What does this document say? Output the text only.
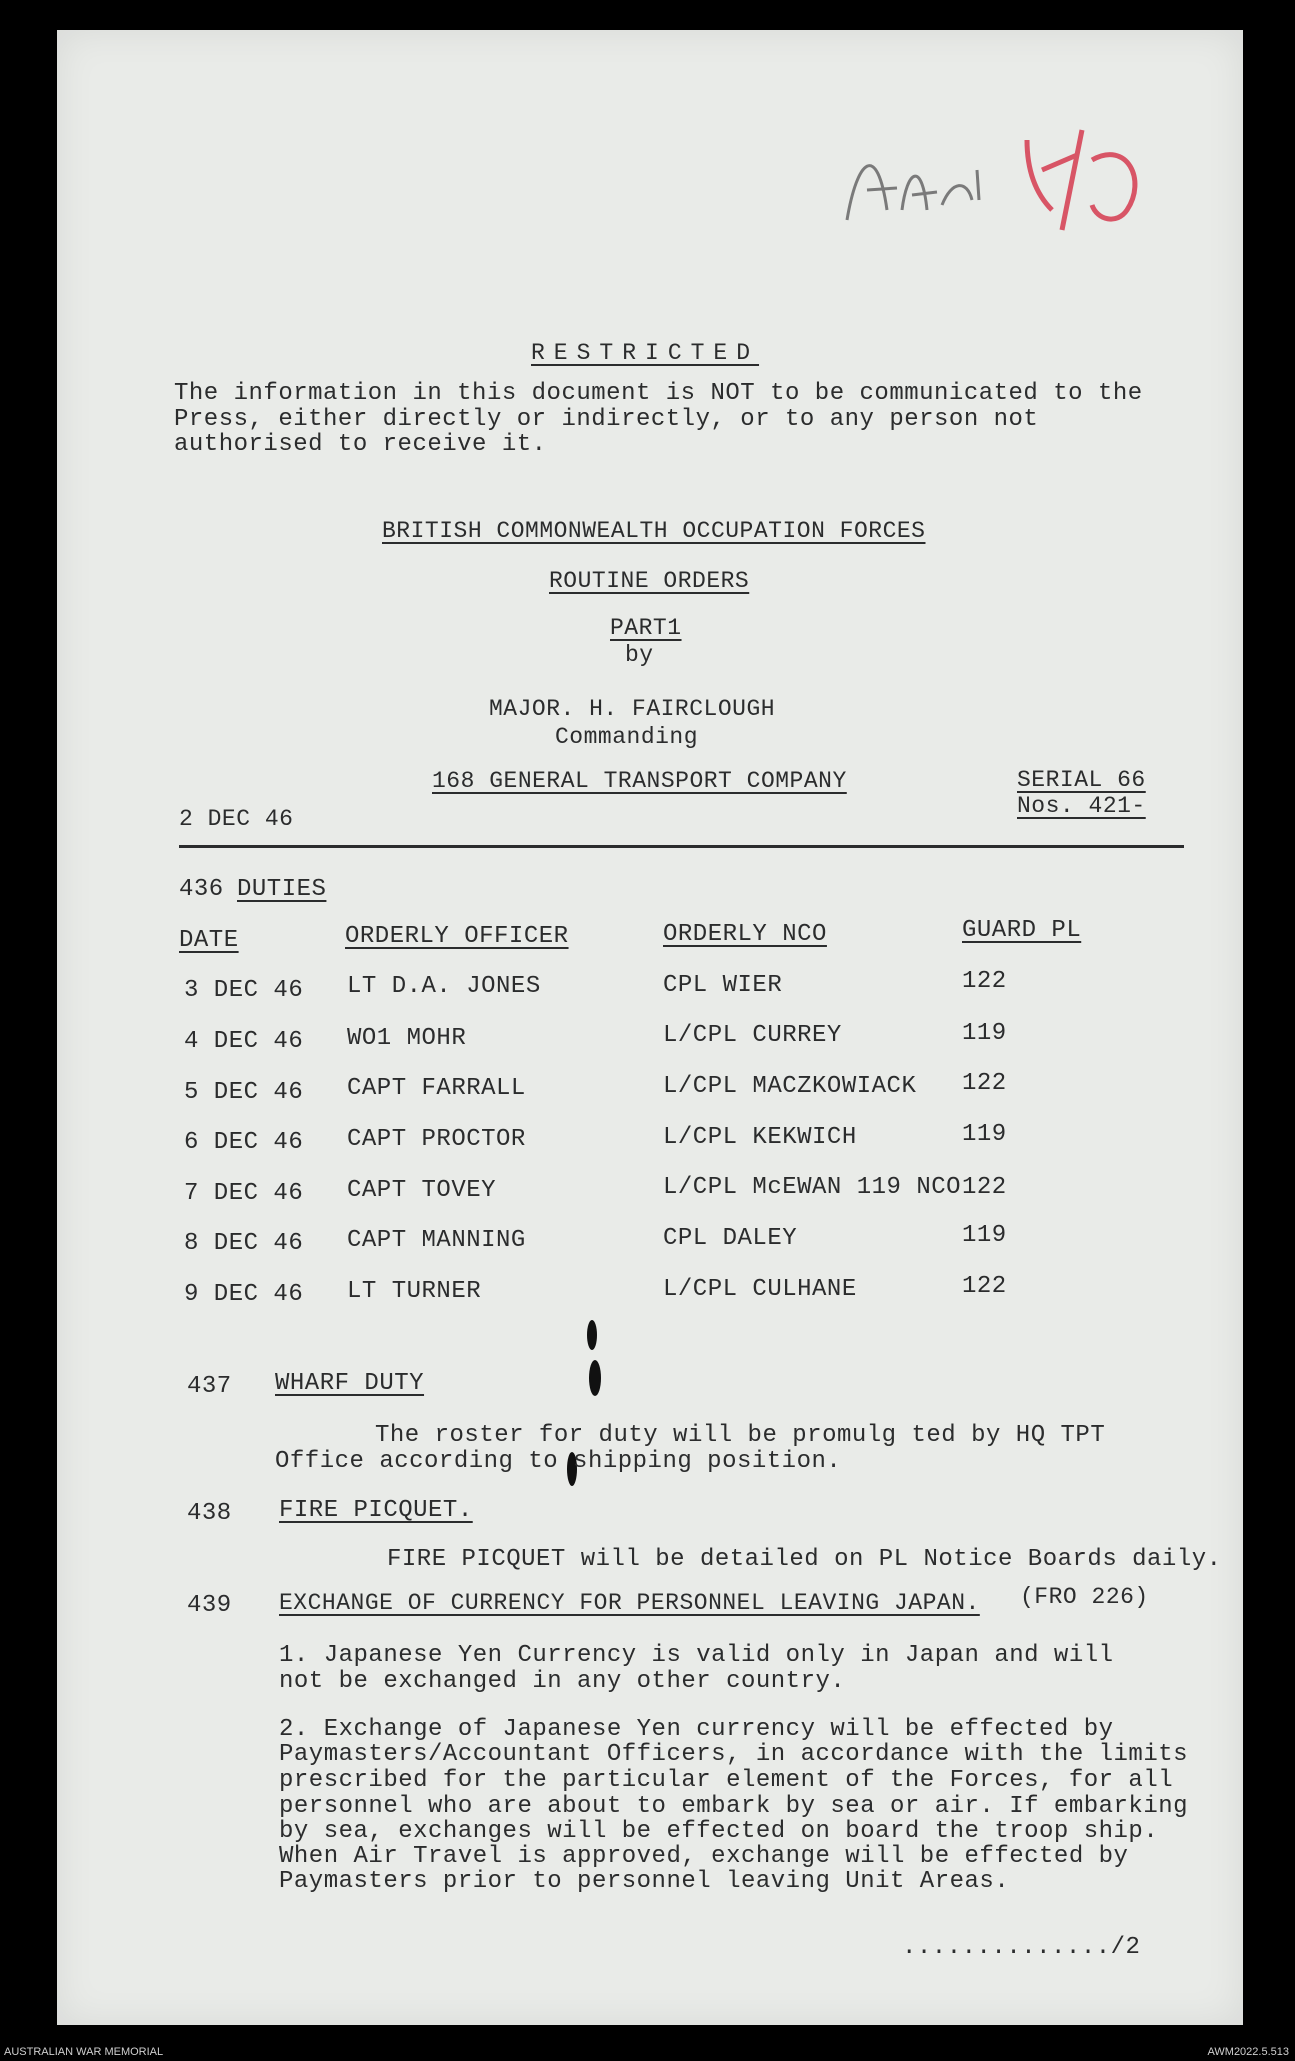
RESTRICTED
The information in this document is NOT to be communicated to the
Press, either directly or indirectly, or to any person not
authorised to receive it.
BRITISH COMMONWEALTH OCCUPATION FORCES
ROUTINE ORDERS
PART1
by
MAJOR. H. FAIRCLOUGH
Commanding
168 GENERAL TRANSPORT COMPANY	SERIAL 66
Nos. 421-
2 DEC 46
436 DUTIES
DATE	ORDERLY OFFICER	ORDERLY NCO	GUARD PL
3 DEC 46 LT D.A. JONES	CPL WIER	122
4 DEC 46 WO1 MOHR	L/CPL CURREY	119
5 DEC 46 CAPT FARRALL	L/CPL MACZKOWIACK 122
6 DEC 46 CAPT PROCTOR	L/CPL KEKWICH	119
7 DEC 46 CAPT TOVEY	L/CPL McEWAN 119 NCO 122
8 DEC 46 CAPT MANNING	CPL DALEY	119
9 DEC 46 LT TURNER	L/CPL CULHANE	122
437 WHARF DUTY
The roster for duty will be promulg ted by HQ TPT
Office according to shipping position.
438 FIRE PICQUET.
FIRE PICQUET will be detailed on PL Notice Boards daily.
439 EXCHANGE OF CURRENCY FOR PERSONNEL LEAVING JAPAN. (FRO 226)
1. Japanese Yen Currency is valid only in Japan and will
not be exchanged in any other country.
2. Exchange of Japanese Yen currency will be effected by
Paymasters/Accountant Officers, in accordance with the limits
prescribed for the particular element of the Forces, for all
personnel who are about to embark by sea or air. If embarking
by sea, exchanges will be effected on board the troop ship.
When Air Travel is approved, exchange will be effected by
Paymasters prior to personnel leaving Unit Areas.
............../2
AUSTRALIAN WAR MEMORIAL	AWM2022.5.513
